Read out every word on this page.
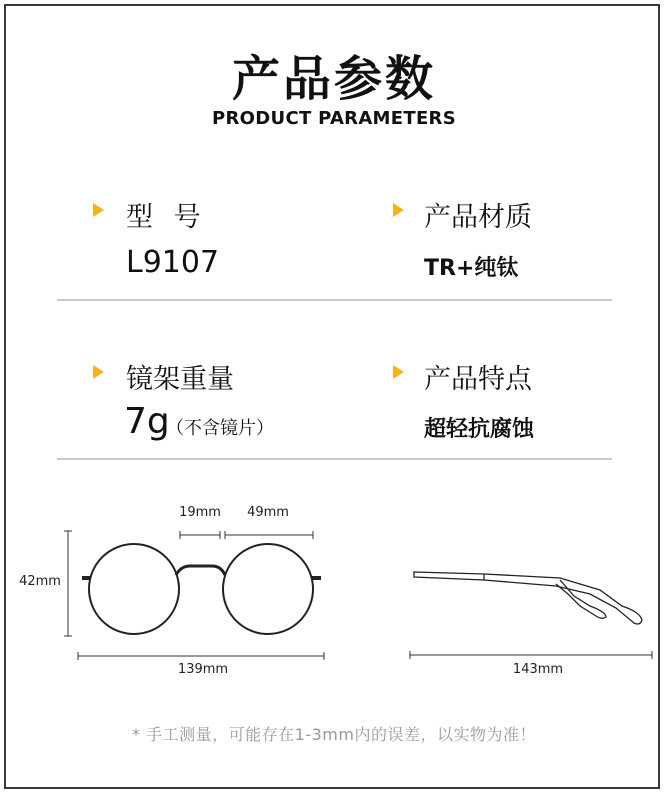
产品参数
PRODUCT PARAMETERS
型 号
L9107
产品材质
TR+纯钛
镜架重量
7g
（不含镜片）
产品特点
超轻抗腐蚀
19mm 49mm
42mm
139mm	143mm
* 手工测量，可能存在1-3mm内的误差，以实物为准！
